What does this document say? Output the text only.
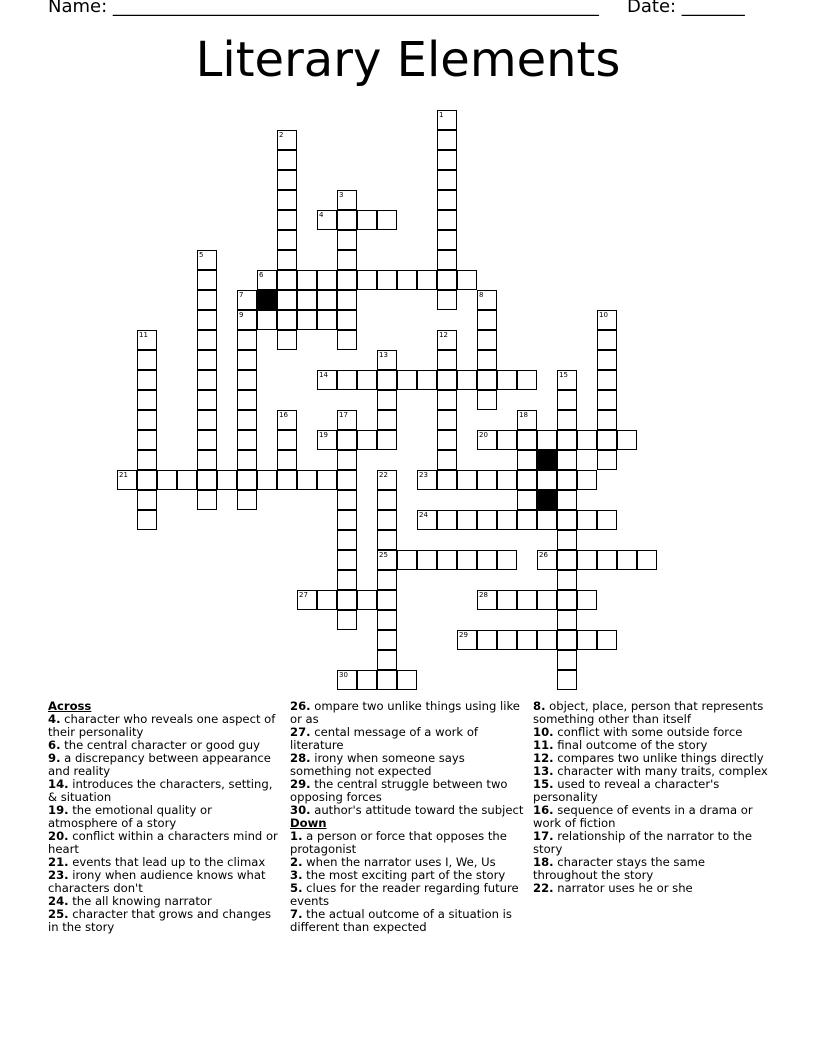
Name: ______________________________________________________ Date: _______
Literary Elements
1
2
3
4
5
6
7
9
8
10
11	12
13
14	15
16	17	18
19	20
21	22
25
23
24
26
27	28
29
30
Across
4. character who reveals one aspect of their personality
6. the central character or good guy
9. a discrepancy between appearance and reality
14. introduces the characters, setting, & situation
19. the emotional quality or atmosphere of a story
20. conflict within a characters mind or heart
21. events that lead up to the climax
23. irony when audience knows what characters don't
24. the all knowing narrator
25. character that grows and changes in the story
26. ompare two unlike things using like or as
27. cental message of a work of literature
28. irony when someone says something not expected
29. the central struggle between two opposing forces
30. author's attitude toward the subject
Down
1. a person or force that opposes the protagonist
2. when the narrator uses I, We, Us
3. the most exciting part of the story
5. clues for the reader regarding future events
7. the actual outcome of a situation is different than expected
8. object, place, person that represents something other than itself
10. conflict with some outside force
11. final outcome of the story
12. compares two unlike things directly
13. character with many traits, complex
15. used to reveal a character's personality
16. sequence of events in a drama or work of fiction
17. relationship of the narrator to the story
18. character stays the same throughout the story
22. narrator uses he or she
